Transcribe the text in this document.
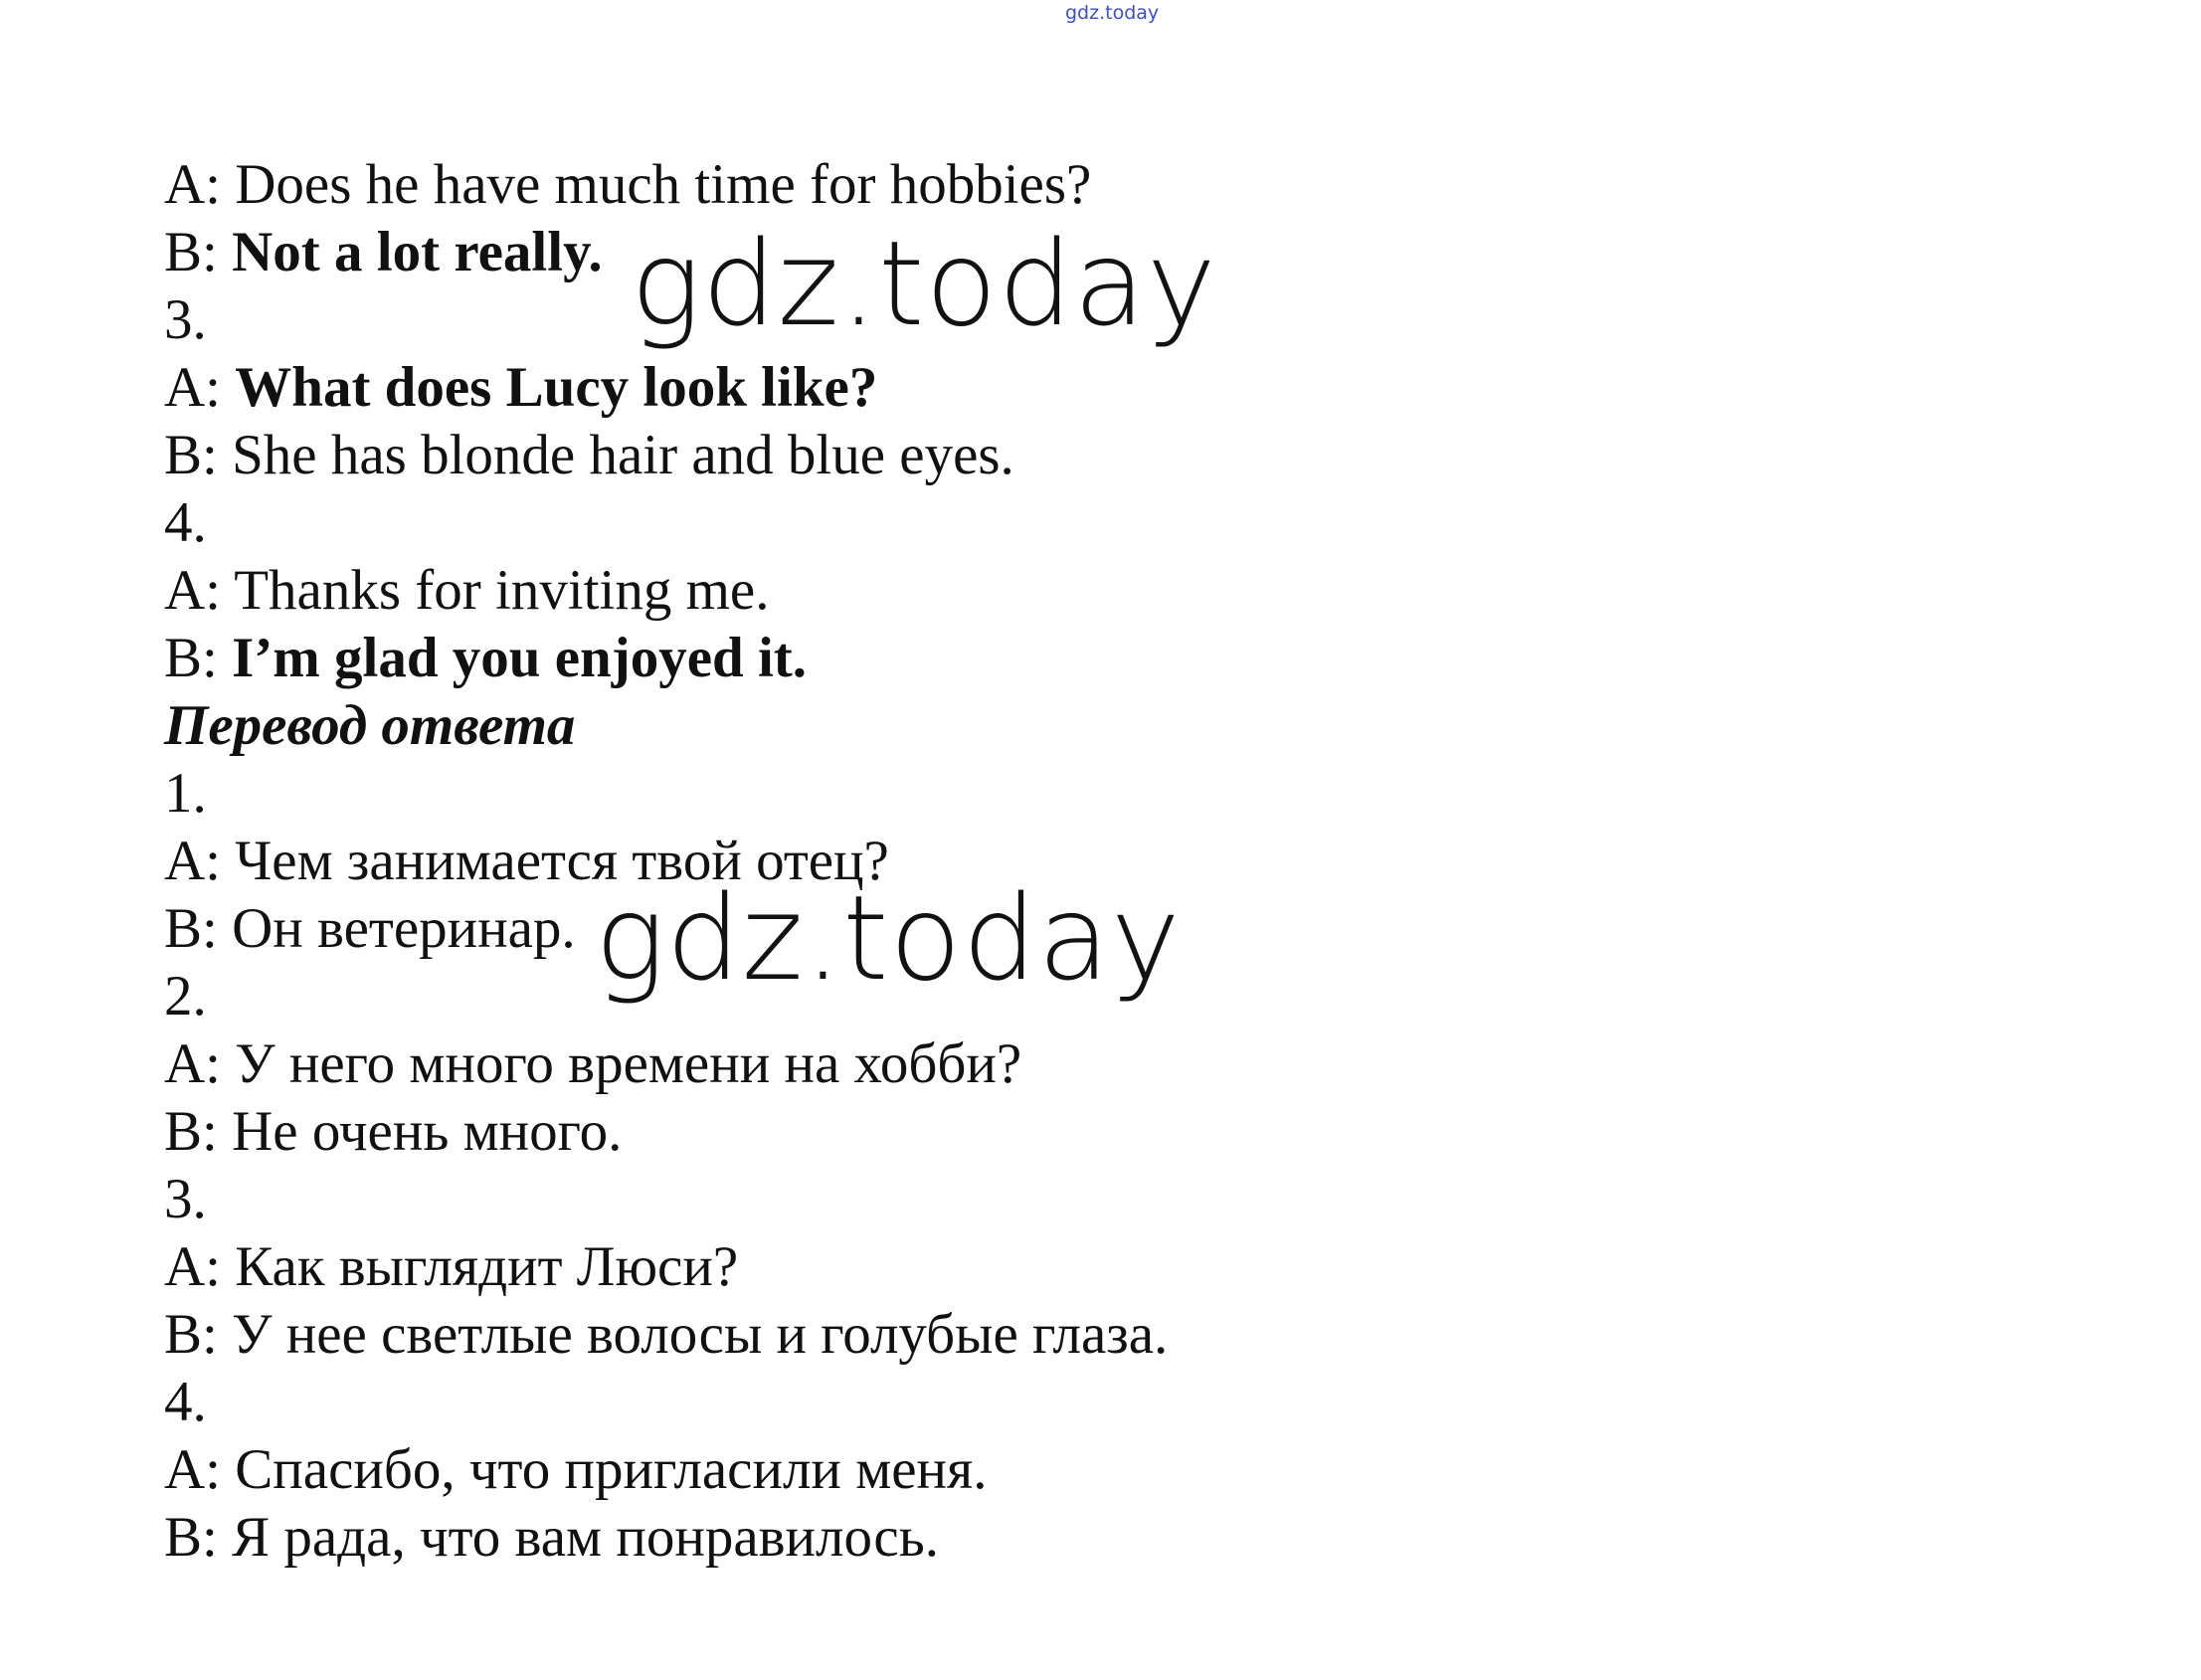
gdz.today
A: Does he have much time for hobbies?
B: Not a lot really.
3.
A: What does Lucy look like?
B: She has blonde hair and blue eyes.
4.
A: Thanks for inviting me.
B: I’m glad you enjoyed it.
Перевод ответа
1.
A: Чем занимается твой отец?
B: Он ветеринар.
2.
A: У него много времени на хобби?
B: Не очень много.
3.
A: Как выглядит Люси?
B: У нее светлые волосы и голубые глаза.
4.
A: Спасибо, что пригласили меня.
B: Я рада, что вам понравилось.
gdz.today
gdz.today
